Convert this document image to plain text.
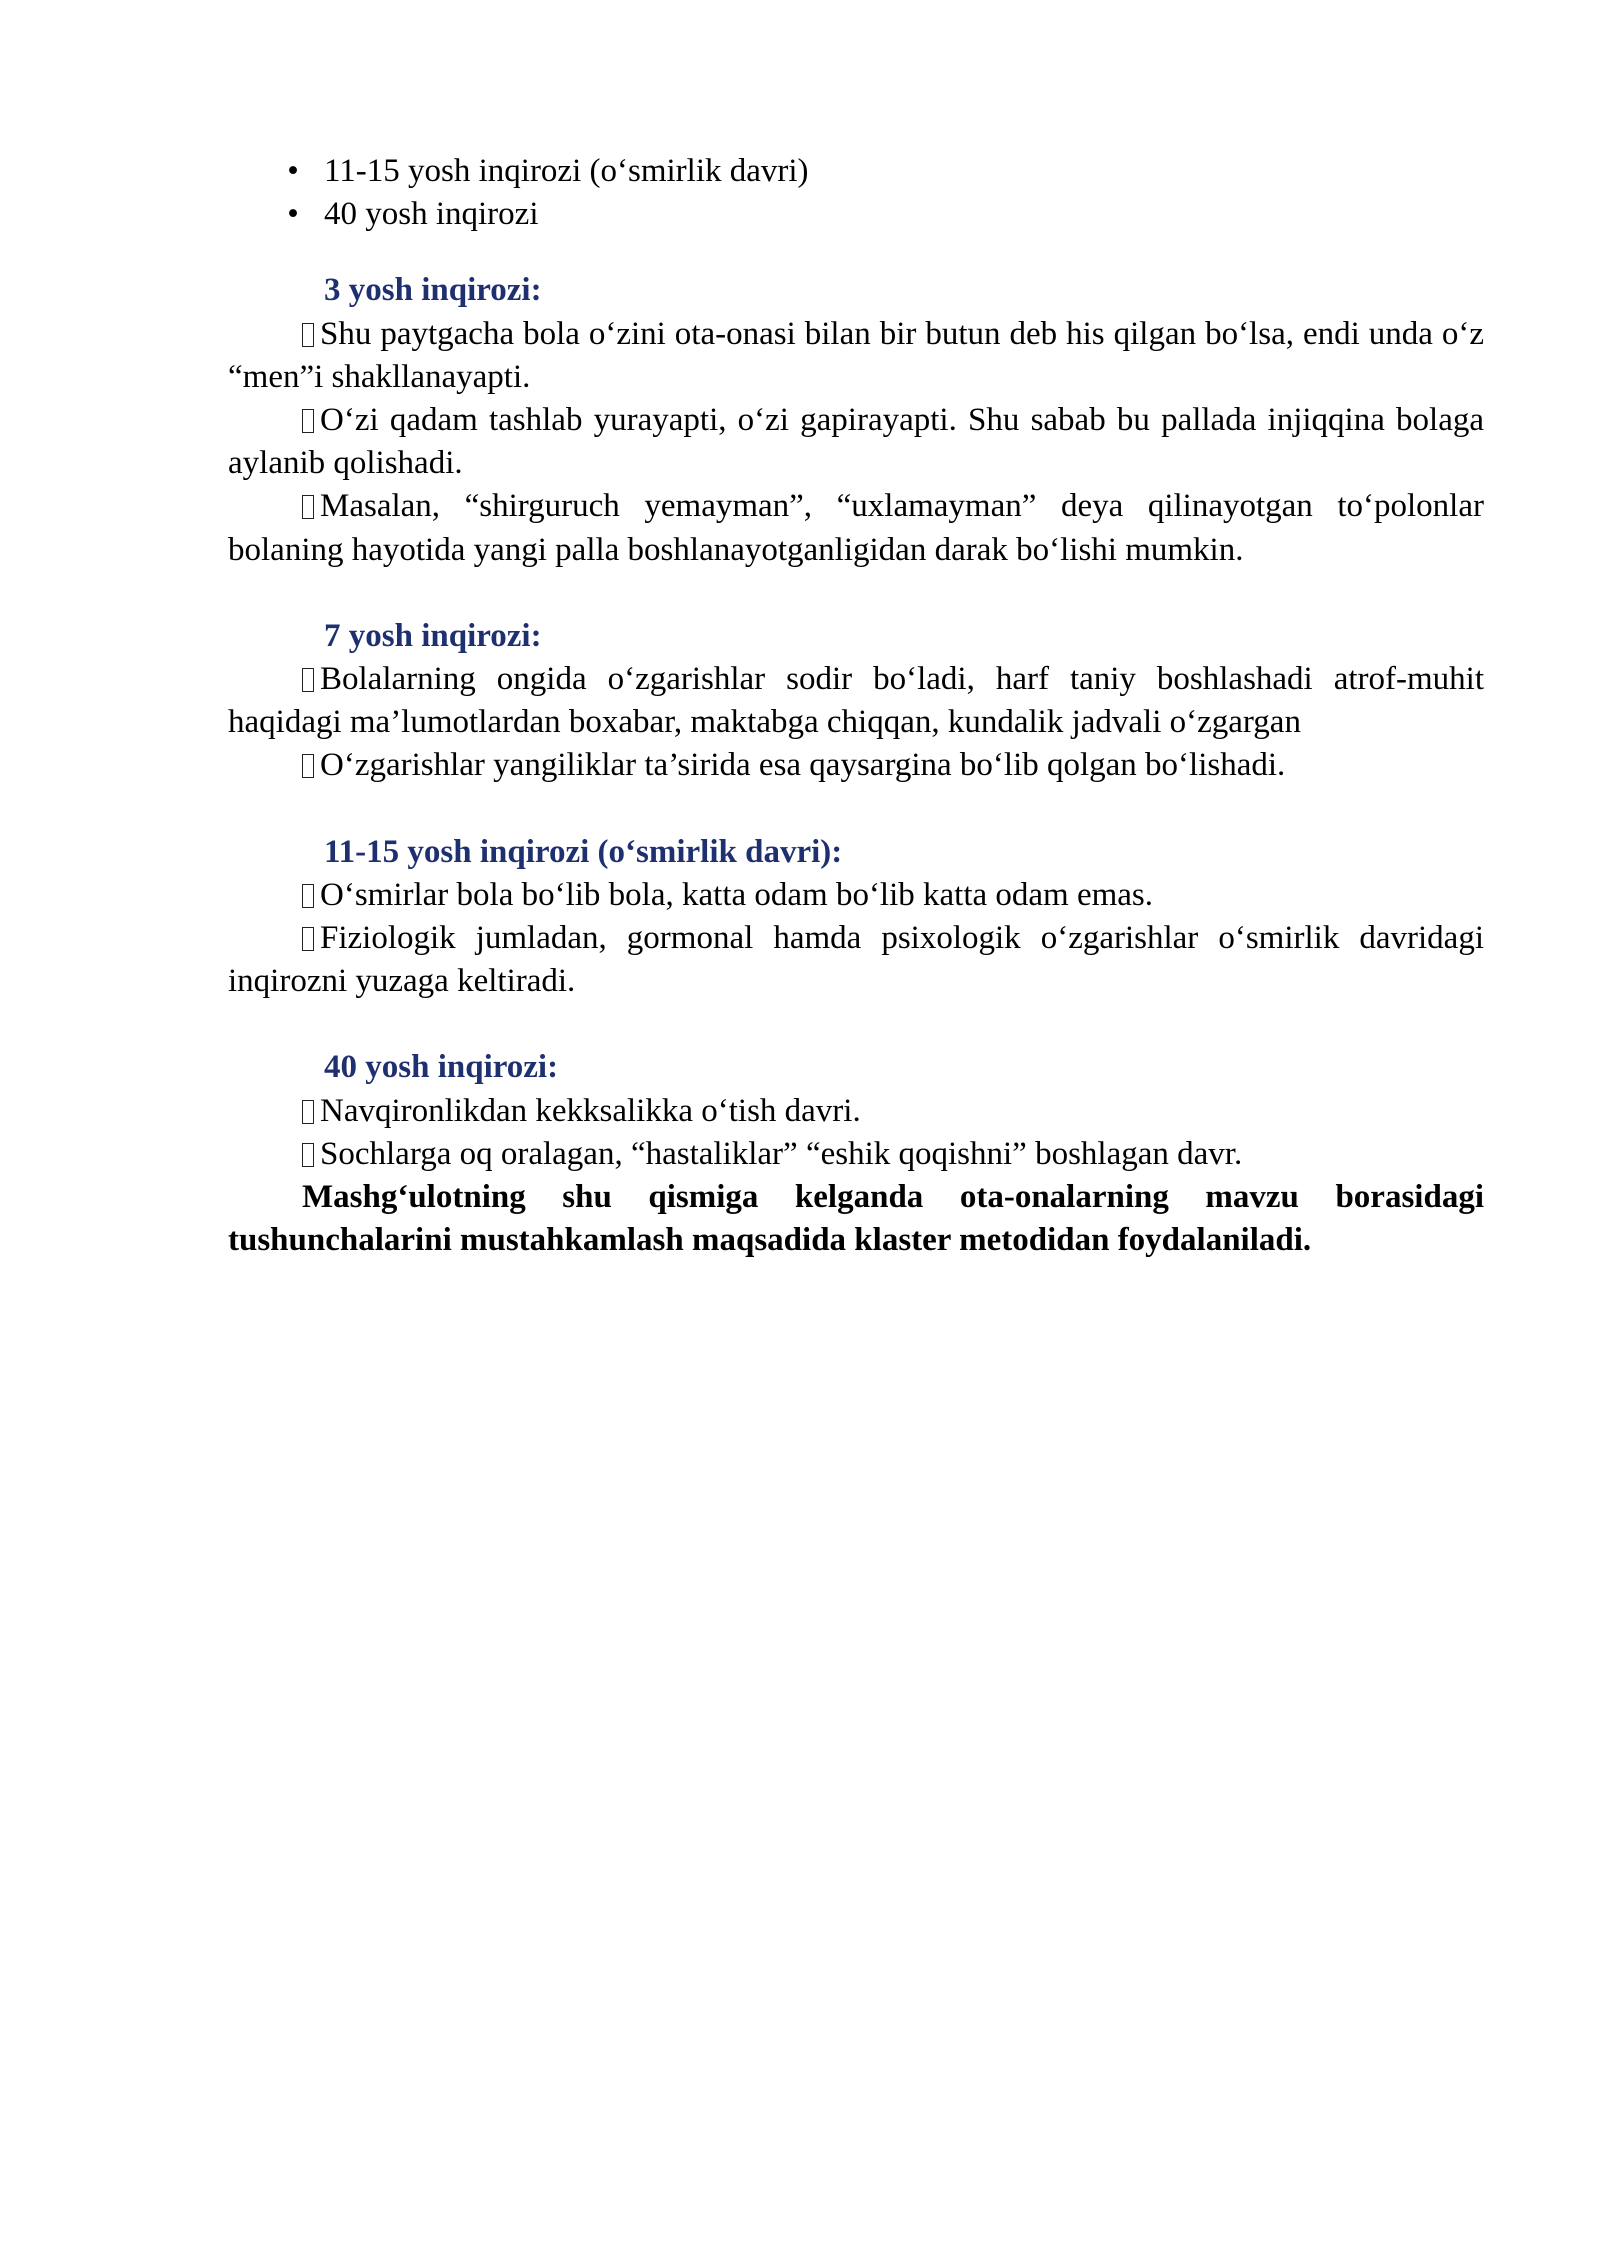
• 11-15 yosh inqirozi (o‘smirlik davri)
• 40 yosh inqirozi
3 yosh inqirozi:
Shu paytgacha bola o‘zini ota-onasi bilan bir butun deb his qilgan bo‘lsa, endi unda o‘z “men”i shakllanayapti.
O‘zi qadam tashlab yurayapti, o‘zi gapirayapti. Shu sabab bu pallada injiqqina bolaga aylanib qolishadi.
Masalan, “shirguruch yemayman”, “uxlamayman” deya qilinayotgan to‘polonlar bolaning hayotida yangi palla boshlanayotganligidan darak bo‘lishi mumkin.
7 yosh inqirozi:
Bolalarning ongida o‘zgarishlar sodir bo‘ladi, harf taniy boshlashadi atrof-muhit haqidagi ma’lumotlardan boxabar, maktabga chiqqan, kundalik jadvali o‘zgargan
O‘zgarishlar yangiliklar ta’sirida esa qaysargina bo‘lib qolgan bo‘lishadi.
11-15 yosh inqirozi (o‘smirlik davri):
O‘smirlar bola bo‘lib bola, katta odam bo‘lib katta odam emas.
Fiziologik jumladan, gormonal hamda psixologik o‘zgarishlar o‘smirlik davridagi inqirozni yuzaga keltiradi.
40 yosh inqirozi:
Navqironlikdan kekksalikka o‘tish davri.
Sochlarga oq oralagan, “hastaliklar” “eshik qoqishni” boshlagan davr.
Mashg‘ulotning shu qismiga kelganda ota-onalarning mavzu borasidagi tushunchalarini mustahkamlash maqsadida klaster metodidan foydalaniladi.
